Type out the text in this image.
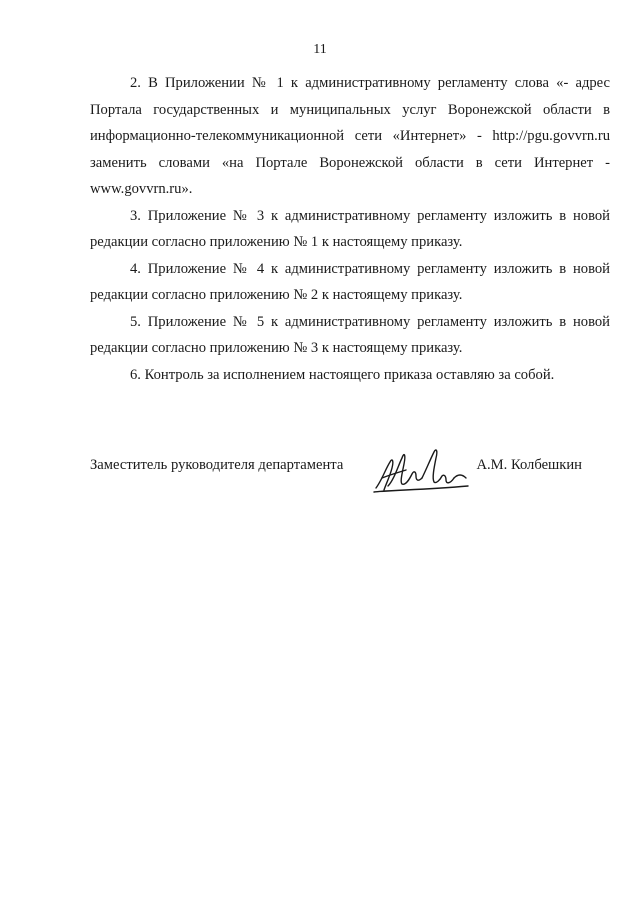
11

2. В Приложении № 1 к административному регламенту слова «- адрес Портала государственных и муниципальных услуг Воронежской области в информационно-телекоммуникационной сети «Интернет» - http://pgu.govvrn.ru заменить словами «на Портале Воронежской области в сети Интернет - www.govvrn.ru».

3. Приложение № 3 к административному регламенту изложить в новой редакции согласно приложению № 1 к настоящему приказу.

4. Приложение № 4 к административному регламенту изложить в новой редакции согласно приложению № 2 к настоящему приказу.

5. Приложение № 5 к административному регламенту изложить в новой редакции согласно приложению № 3 к настоящему приказу.

6. Контроль за исполнением настоящего приказа оставляю за собой.

Заместитель руководителя департамента	А.М. Колбешкин
